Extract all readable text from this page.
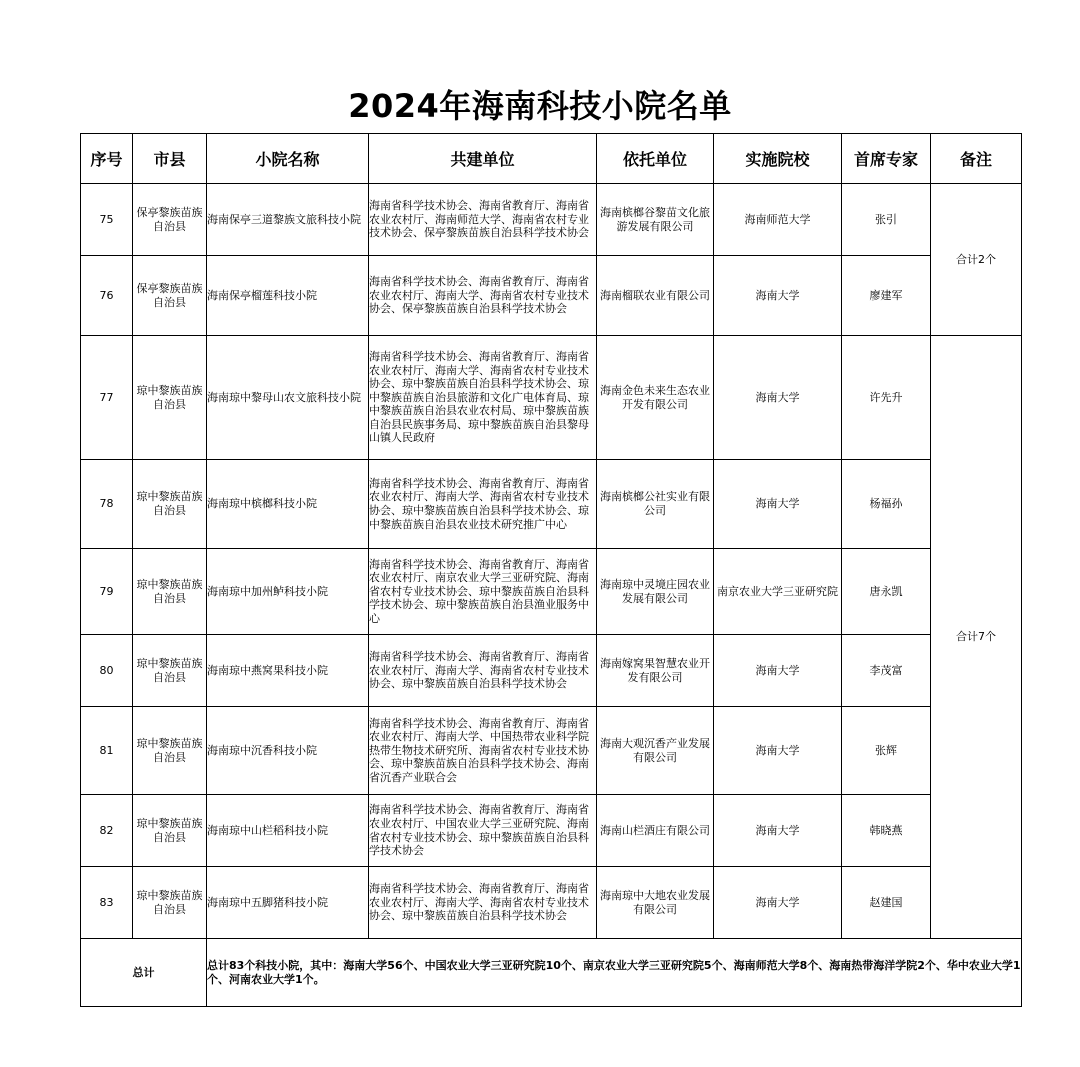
2024年海南科技小院名单
序号	市县	小院名称	共建单位	依托单位	实施院校	首席专家	备注
75	保亭黎族苗族自治县	海南保亭三道黎族文旅科技小院	海南省科学技术协会、海南省教育厅、海南省农业农村厅、海南师范大学、海南省农村专业技术协会、保亭黎族苗族自治县科学技术协会	海南槟榔谷黎苗文化旅游发展有限公司	海南师范大学	张引	合计2个
76	保亭黎族苗族自治县	海南保亭榴莲科技小院	海南省科学技术协会、海南省教育厅、海南省农业农村厅、海南大学、海南省农村专业技术协会、保亭黎族苗族自治县科学技术协会	海南榴联农业有限公司	海南大学	廖建军	
77	琼中黎族苗族自治县	海南琼中黎母山农文旅科技小院	海南省科学技术协会、海南省教育厅、海南省农业农村厅、海南大学、海南省农村专业技术协会、琼中黎族苗族自治县科学技术协会、琼中黎族苗族自治县旅游和文化广电体育局、琼中黎族苗族自治县农业农村局、琼中黎族苗族自治县民族事务局、琼中黎族苗族自治县黎母山镇人民政府	海南金色未来生态农业开发有限公司	海南大学	许先升	合计7个
78	琼中黎族苗族自治县	海南琼中槟榔科技小院	海南省科学技术协会、海南省教育厅、海南省农业农村厅、海南大学、海南省农村专业技术协会、琼中黎族苗族自治县科学技术协会、琼中黎族苗族自治县农业技术研究推广中心	海南槟榔公社实业有限公司	海南大学	杨福孙	
79	琼中黎族苗族自治县	海南琼中加州鲈科技小院	海南省科学技术协会、海南省教育厅、海南省农业农村厅、南京农业大学三亚研究院、海南省农村专业技术协会、琼中黎族苗族自治县科学技术协会、琼中黎族苗族自治县渔业服务中心	海南琼中灵境庄园农业发展有限公司	南京农业大学三亚研究院	唐永凯	
80	琼中黎族苗族自治县	海南琼中燕窝果科技小院	海南省科学技术协会、海南省教育厅、海南省农业农村厅、海南大学、海南省农村专业技术协会、琼中黎族苗族自治县科学技术协会	海南嫁窝果智慧农业开发有限公司	海南大学	李茂富	
81	琼中黎族苗族自治县	海南琼中沉香科技小院	海南省科学技术协会、海南省教育厅、海南省农业农村厅、海南大学、中国热带农业科学院热带生物技术研究所、海南省农村专业技术协会、琼中黎族苗族自治县科学技术协会、海南省沉香产业联合会	海南大观沉香产业发展有限公司	海南大学	张辉	
82	琼中黎族苗族自治县	海南琼中山栏稻科技小院	海南省科学技术协会、海南省教育厅、海南省农业农村厅、中国农业大学三亚研究院、海南省农村专业技术协会、琼中黎族苗族自治县科学技术协会	海南山栏酒庄有限公司	海南大学	韩晓燕	
83	琼中黎族苗族自治县	海南琼中五脚猪科技小院	海南省科学技术协会、海南省教育厅、海南省农业农村厅、海南大学、海南省农村专业技术协会、琼中黎族苗族自治县科学技术协会	海南琼中大地农业发展有限公司	海南大学	赵建国	
总计		总计83个科技小院，其中：海南大学56个、中国农业大学三亚研究院10个、南京农业大学三亚研究院5个、海南师范大学8个、海南热带海洋学院2个、华中农业大学1个、河南农业大学1个。					
